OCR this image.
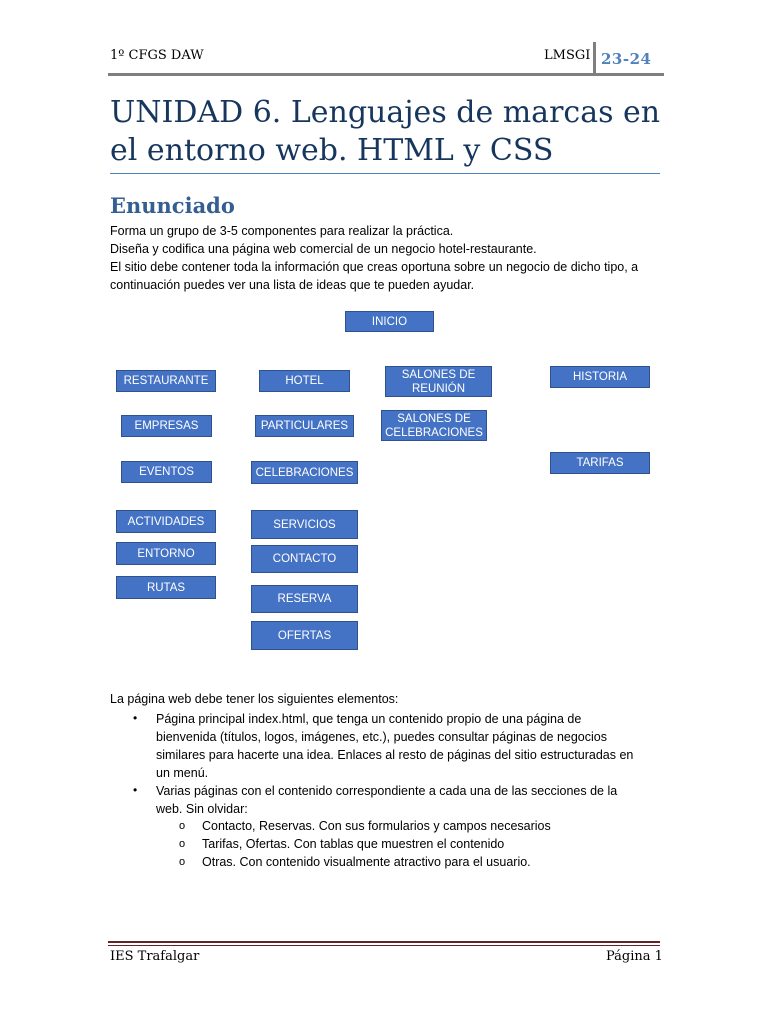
1º CFGS DAW	LMSGI 23-24
UNIDAD 6. Lenguajes de marcas en el entorno web. HTML y CSS
Enunciado

Forma un grupo de 3-5 componentes para realizar la práctica.

Diseña y codifica una página web comercial de un negocio hotel-restaurante.

El sitio debe contener toda la información que creas oportuna sobre un negocio de dicho tipo, a continuación puedes ver una lista de ideas que te pueden ayudar.

INICIO
RESTAURANTE
EMPRESAS
EVENTOS
ACTIVIDADES
ENTORNO
RUTAS
HOTEL
PARTICULARES
CELEBRACIONES
SERVICIOS
CONTACTO
RESERVA
OFERTAS
SALONES DE REUNIÓN
SALONES DE CELEBRACIONES
HISTORIA
TARIFAS
La página web debe tener los siguientes elementos:
• Página principal index.html, que tenga un contenido propio de una página de bienvenida (títulos, logos, imágenes, etc.), puedes consultar páginas de negocios similares para hacerte una idea. Enlaces al resto de páginas del sitio estructuradas en un menú.
• Varias páginas con el contenido correspondiente a cada una de las secciones de la web. Sin olvidar:
o Contacto, Reservas. Con sus formularios y campos necesarios
o Tarifas, Ofertas. Con tablas que muestren el contenido
o Otras. Con contenido visualmente atractivo para el usuario.
IES Trafalgar	Página 1
